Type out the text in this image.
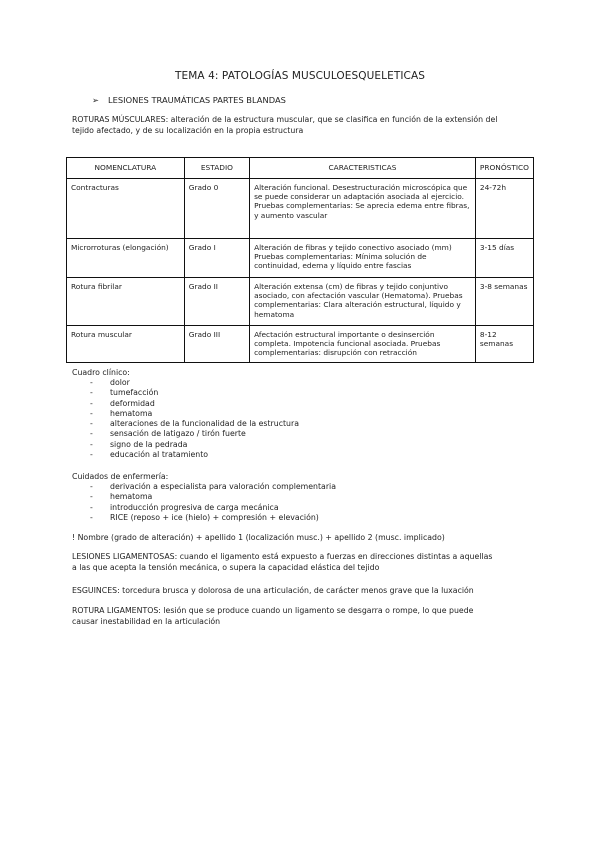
TEMA 4: PATOLOGÍAS MUSCULOESQUELETICAS
➢ LESIONES TRAUMÁTICAS PARTES BLANDAS
ROTURAS MÚSCULARES: alteración de la estructura muscular, que se clasifica en función de la extensión del
tejido afectado, y de su localización en la propia estructura
NOMENCLATURA	ESTADIO	CARACTERISTICAS	PRONÓSTICO
Contracturas	Grado 0	Alteración funcional. Desestructuración microscópica que se puede considerar un adaptación asociada al ejercicio. Pruebas complementarias: Se aprecia edema entre fibras, y aumento vascular	24-72h
Microrroturas (elongación)	Grado I	Alteración de fibras y tejido conectivo asociado (mm) Pruebas complementarias: Mínima solución de continuidad, edema y líquido entre fascias	3-15 días
Rotura fibrilar	Grado II	Alteración extensa (cm) de fibras y tejido conjuntivo asociado, con afectación vascular (Hematoma). Pruebas complementarias: Clara alteración estructural, líquido y hematoma	3-8 semanas
Rotura muscular	Grado III	Afectación estructural importante o desinserción completa. Impotencia funcional asociada. Pruebas complementarias: disrupción con retracción	8-12 semanas
Cuadro clínico:
- dolor
- tumefacción
- deformidad
- hematoma
- alteraciones de la funcionalidad de la estructura
- sensación de latigazo / tirón fuerte
- signo de la pedrada
- educación al tratamiento
Cuidados de enfermería:
- derivación a especialista para valoración complementaria
- hematoma
- introducción progresiva de carga mecánica
- RICE (reposo + ice (hielo) + compresión + elevación)
! Nombre (grado de alteración) + apellido 1 (localización musc.) + apellido 2 (musc. implicado)
LESIONES LIGAMENTOSAS: cuando el ligamento está expuesto a fuerzas en direcciones distintas a aquellas
a las que acepta la tensión mecánica, o supera la capacidad elástica del tejido
ESGUINCES: torcedura brusca y dolorosa de una articulación, de carácter menos grave que la luxación
ROTURA LIGAMENTOS: lesión que se produce cuando un ligamento se desgarra o rompe, lo que puede
causar inestabilidad en la articulación
